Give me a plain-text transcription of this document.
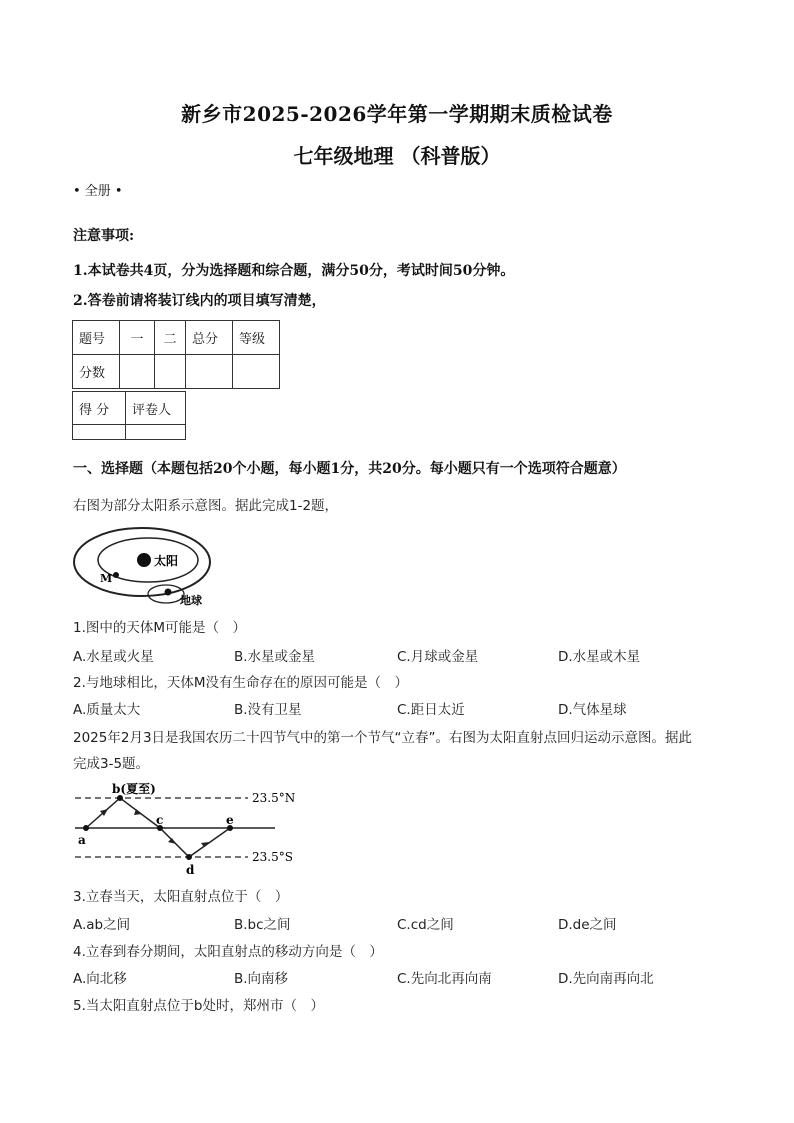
新乡市2025-2026学年第一学期期末质检试卷
七年级地理 （科普版）
• 全册 •
注意事项:
1.本试卷共4页，分为选择题和综合题，满分50分，考试时间50分钟。
2.答卷前请将装订线内的项目填写清楚，
题号	一	二	总分	等级
分数				
得 分	评卷人

一、选择题（本题包括20个小题，每小题1分，共20分。每小题只有一个选项符合题意）
右图为部分太阳系示意图。据此完成1-2题，
太阳
M
地球
1.图中的天体M可能是（　）
A.水星或火星	B.水星或金星	C.月球或金星	D.水星或木星
2.与地球相比，天体M没有生命存在的原因可能是（　）
A.质量太大	B.没有卫星	C.距日太近	D.气体星球
2025年2月3日是我国农历二十四节气中的第一个节气“立春”。右图为太阳直射点回归运动示意图。据此
完成3-5题。
a
b(夏至)
c
d
e
23.5°N
23.5°S
3.立春当天，太阳直射点位于（　）
A.ab之间	B.bc之间	C.cd之间	D.de之间
4.立春到春分期间，太阳直射点的移动方向是（　）
A.向北移	B.向南移	C.先向北再向南	D.先向南再向北
5.当太阳直射点位于b处时，郑州市（　）
